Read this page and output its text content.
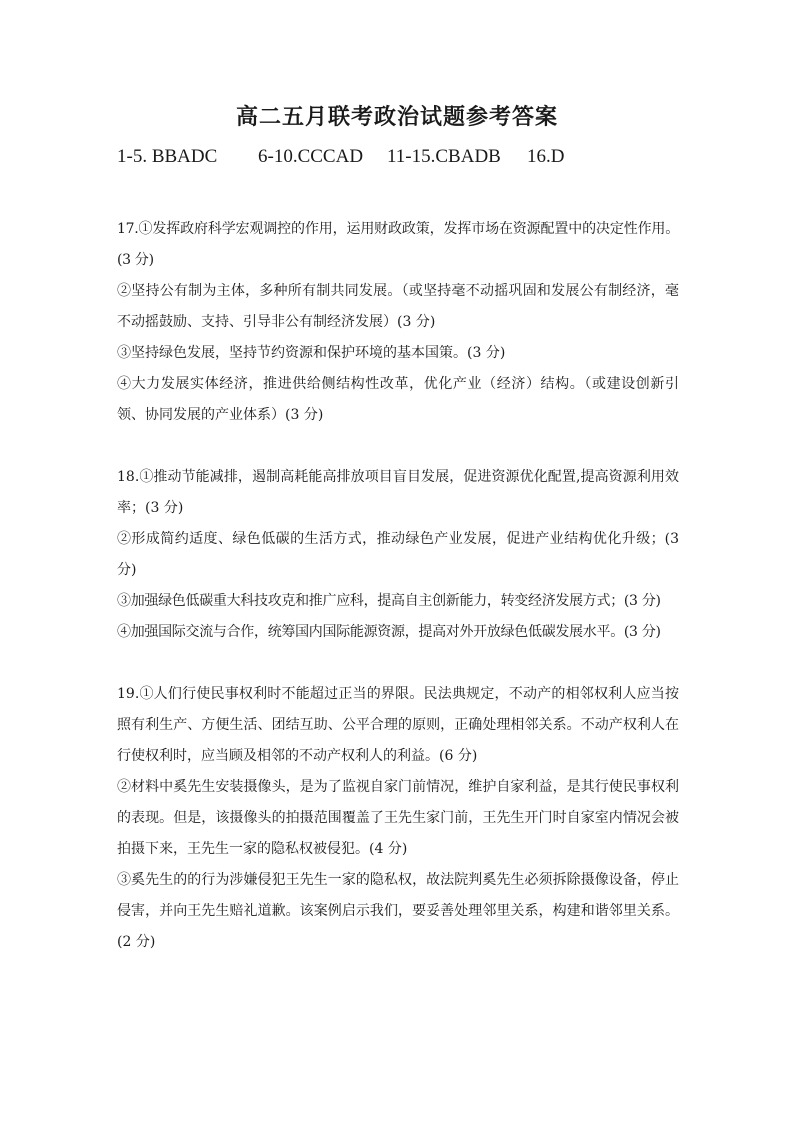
高二五月联考政治试题参考答案
1-5. BBADC 6-10.CCCAD 11-15.CBADB 16.D

17.①发挥政府科学宏观调控的作用，运用财政政策，发挥市场在资源配置中的决定性作用。(3 分)

②坚持公有制为主体，多种所有制共同发展。（或坚持毫不动摇巩固和发展公有制经济，毫不动摇鼓励、支持、引导非公有制经济发展）(3 分)

③坚持绿色发展，坚持节约资源和保护环境的基本国策。(3 分)

④大力发展实体经济，推进供给侧结构性改革，优化产业（经济）结构。（或建设创新引领、协同发展的产业体系）(3 分)

18.①推动节能减排，遏制高耗能高排放项目盲目发展，促进资源优化配置,提高资源利用效率；(3 分)

②形成简约适度、绿色低碳的生活方式，推动绿色产业发展，促进产业结构优化升级；(3 分)

③加强绿色低碳重大科技攻克和推广应科，提高自主创新能力，转变经济发展方式；(3 分)

④加强国际交流与合作，统筹国内国际能源资源，提高对外开放绿色低碳发展水平。(3 分)

19.①人们行使民事权利时不能超过正当的界限。民法典规定，不动产的相邻权利人应当按照有利生产、方便生活、团结互助、公平合理的原则，正确处理相邻关系。不动产权利人在行使权利时，应当顾及相邻的不动产权利人的利益。(6 分)

②材料中奚先生安装摄像头，是为了监视自家门前情况，维护自家利益，是其行使民事权利的表现。但是，该摄像头的拍摄范围覆盖了王先生家门前，王先生开门时自家室内情况会被拍摄下来，王先生一家的隐私权被侵犯。(4 分)

③奚先生的的行为涉嫌侵犯王先生一家的隐私权，故法院判奚先生必须拆除摄像设备，停止侵害，并向王先生赔礼道歉。该案例启示我们，要妥善处理邻里关系，构建和谐邻里关系。(2 分)
